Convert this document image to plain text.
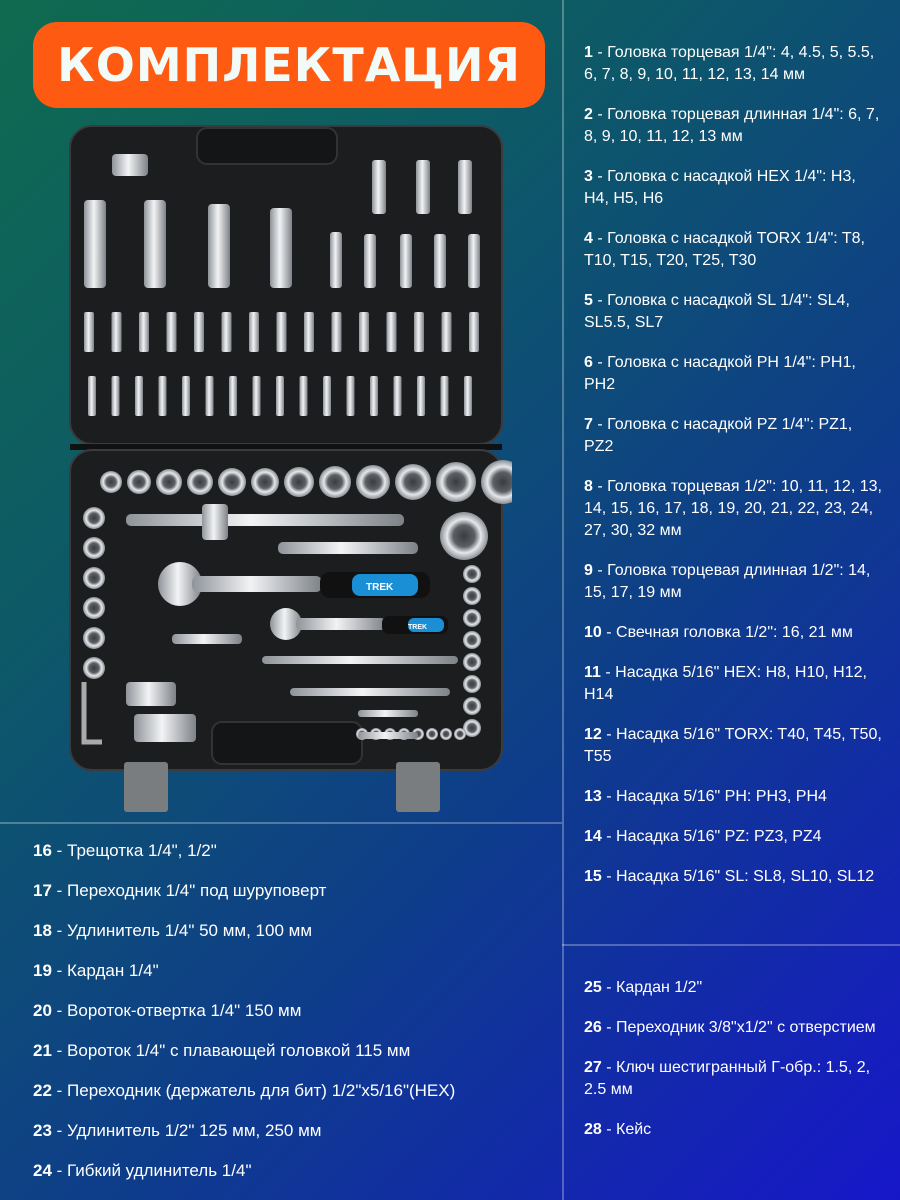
КОМПЛЕКТАЦИЯ
TREK
TREK
1 - Головка торцевая 1/4": 4, 4.5, 5, 5.5, 6, 7, 8, 9, 10, 11, 12, 13, 14 мм
2 - Головка торцевая длинная 1/4": 6, 7, 8, 9, 10, 11, 12, 13 мм
3 - Головка с насадкой HEX 1/4": H3, H4, H5, H6
4 - Головка с насадкой TORX 1/4": T8, T10, T15, T20, T25, T30
5 - Головка с насадкой SL 1/4": SL4, SL5.5, SL7
6 - Головка с насадкой PH 1/4": PH1, PH2
7 - Головка с насадкой PZ 1/4": PZ1, PZ2
8 - Головка торцевая 1/2": 10, 11, 12, 13, 14, 15, 16, 17, 18, 19, 20, 21, 22, 23, 24, 27, 30, 32 мм
9 - Головка торцевая длинная 1/2": 14, 15, 17, 19 мм
10 - Свечная головка 1/2": 16, 21 мм
11 - Насадка 5/16" HEX: H8, H10, H12, H14
12 - Насадка 5/16" TORX: T40, T45, T50, T55
13 - Насадка 5/16" PH: PH3, PH4
14 - Насадка 5/16" PZ: PZ3, PZ4
15 - Насадка 5/16" SL: SL8, SL10, SL12
25 - Кардан 1/2"
26 - Переходник 3/8"x1/2" с отверстием
27 - Ключ шестигранный Г-обр.: 1.5, 2, 2.5 мм
28 - Кейс
16 - Трещотка 1/4", 1/2"
17 - Переходник 1/4" под шуруповерт
18 - Удлинитель 1/4" 50 мм, 100 мм
19 - Кардан 1/4"
20 - Вороток-отвертка 1/4" 150 мм
21 - Вороток 1/4" с плавающей головкой 115 мм
22 - Переходник (держатель для бит) 1/2"x5/16"(HEX)
23 - Удлинитель 1/2" 125 мм, 250 мм
24 - Гибкий удлинитель 1/4"
